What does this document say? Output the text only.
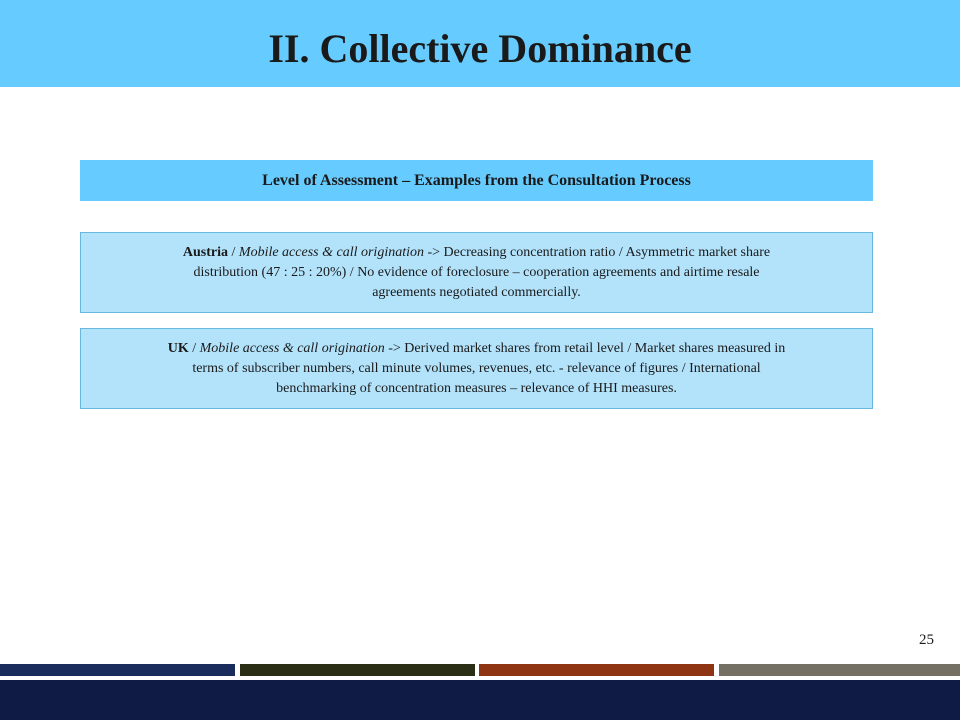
II. Collective Dominance
Level of Assessment – Examples from the Consultation Process

Austria / Mobile access & call origination -> Decreasing concentration ratio / Asymmetric market share distribution (47 : 25 : 20%) / No evidence of foreclosure – cooperation agreements and airtime resale agreements negotiated commercially.

UK / Mobile access & call origination -> Derived market shares from retail level / Market shares measured in terms of subscriber numbers, call minute volumes, revenues, etc. - relevance of figures / International benchmarking of concentration measures – relevance of HHI measures.

25
